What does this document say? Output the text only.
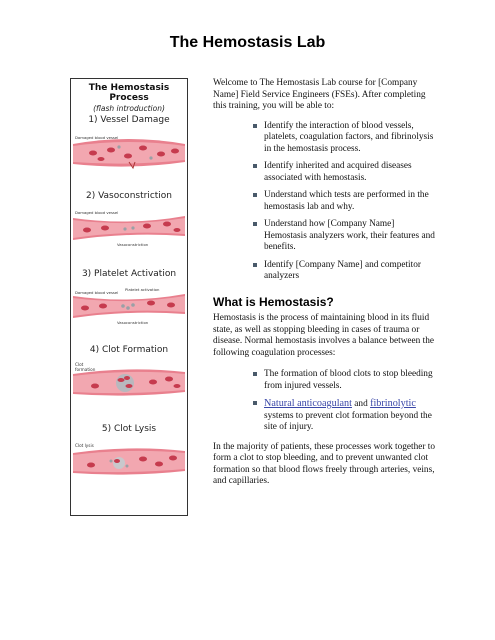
The Hemostasis Lab
The Hemostasis Process
(flash introduction)
1) Vessel Damage
Damaged blood vessel
2) Vasoconstriction
Damaged blood vessel
Vasoconstriction
3) Platelet Activation
Platelet activation
Damaged blood vessel
Vasoconstriction
4) Clot Formation
Clot
formation
5) Clot Lysis
Clot lysis

Welcome to The Hemostasis Lab course for [Company Name] Field Service Engineers (FSEs). After completing this training, you will be able to:

Identify the interaction of blood vessels, platelets, coagulation factors, and fibrinolysis in the hemostasis process.
Identify inherited and acquired diseases associated with hemostasis.
Understand which tests are performed in the hemostasis lab and why.
Understand how [Company Name] Hemostasis analyzers work, their features and benefits.
Identify [Company Name] and competitor analyzers
What is Hemostasis?

Hemostasis is the process of maintaining blood in its fluid state, as well as stopping bleeding in cases of trauma or disease. Normal hemostasis involves a balance between the following coagulation processes:

The formation of blood clots to stop bleeding from injured vessels.
Natural anticoagulant and fibrinolytic systems to prevent clot formation beyond the site of injury.

In the majority of patients, these processes work together to form a clot to stop bleeding, and to prevent unwanted clot formation so that blood flows freely through arteries, veins, and capillaries.
